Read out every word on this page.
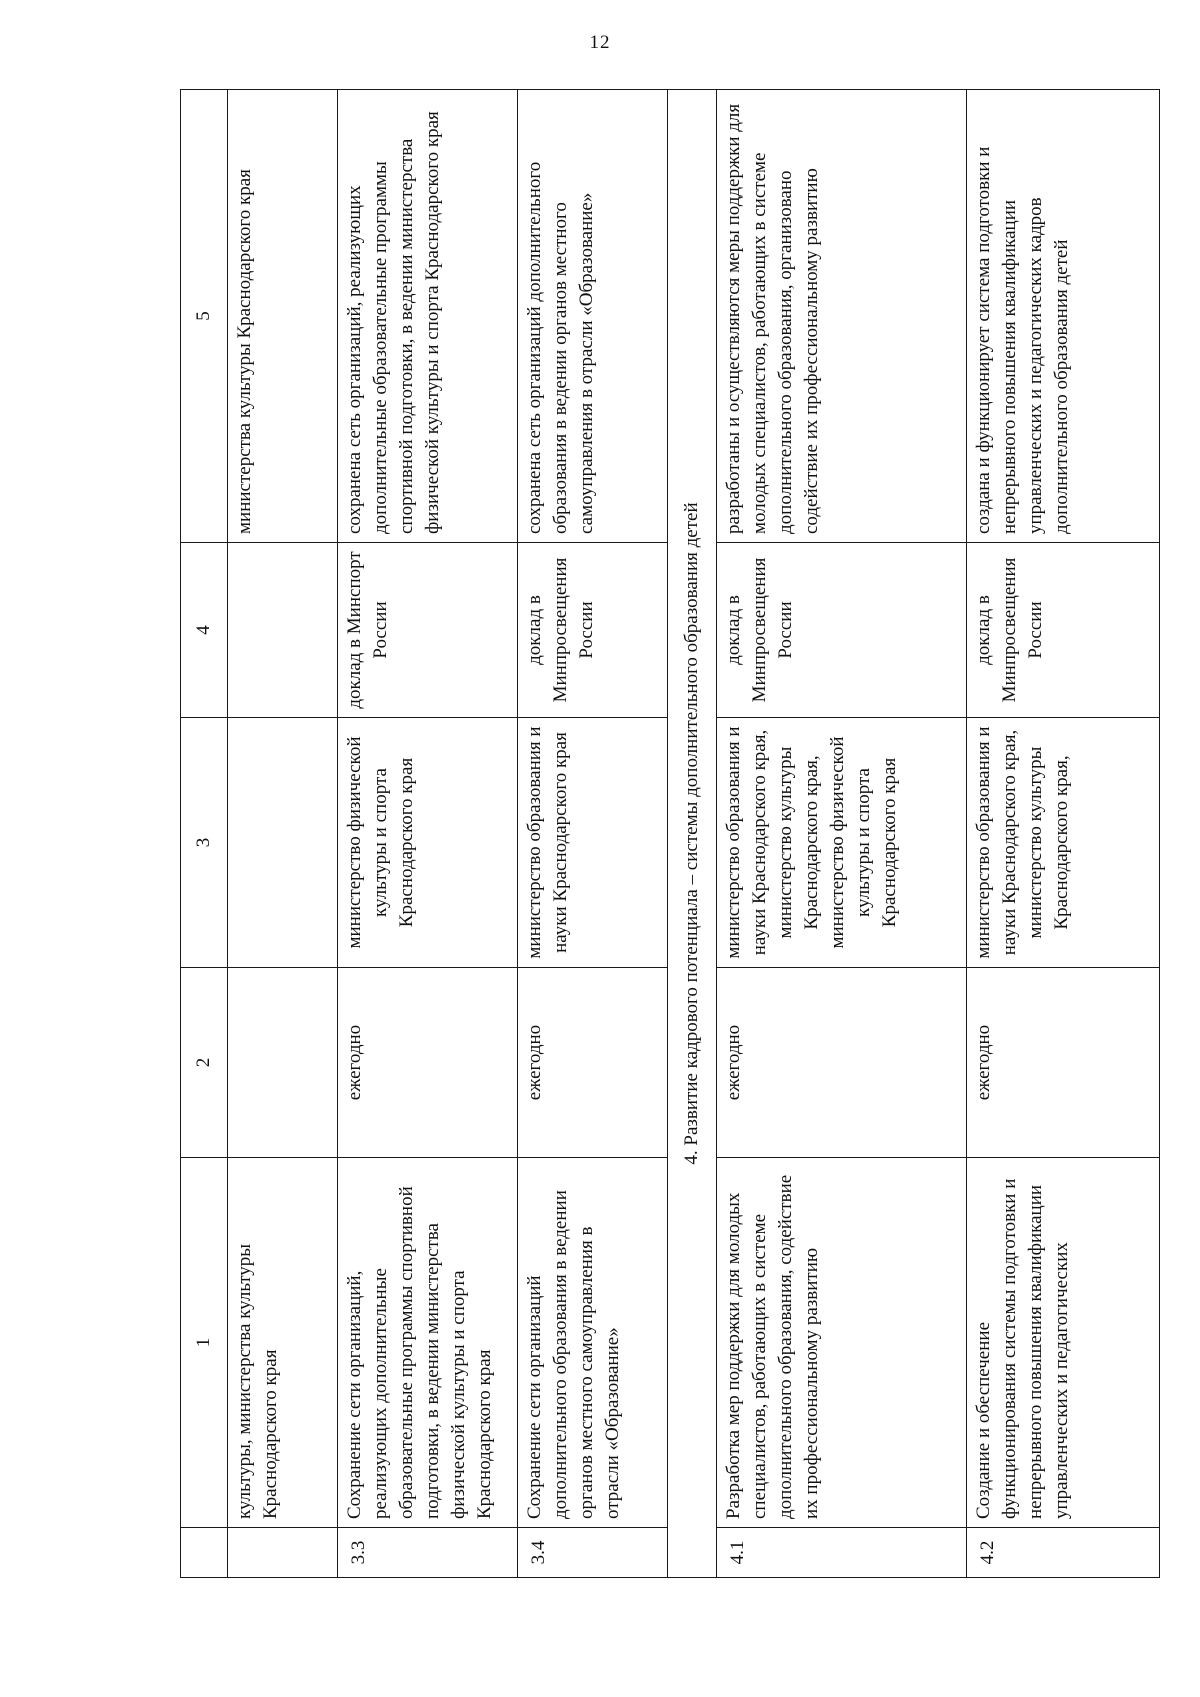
12
	1	2	3	4	5
	культуры, министерства культуры Краснодарского края				министерства культуры Краснодарского края
3.3	Сохранение сети организаций, реализующих дополнительные образовательные программы спортивной подготовки, в ведении министерства физической культуры и спорта Краснодарского края	ежегодно	министерство физической культуры и спорта Краснодарского края	доклад в Минспорт России	сохранена сеть организаций, реализующих дополнительные образовательные программы спортивной подготовки, в ведении министерства физической культуры и спорта Краснодарского края
3.4	Сохранение сети организаций дополнительного образования в ведении органов местного самоуправления в отрасли «Образование»	ежегодно	министерство образования и науки Краснодарского края	доклад в Минпросвещения России	сохранена сеть организаций дополнительного образования в ведении органов местного самоуправления в отрасли «Образование»
4. Развитие кадрового потенциала – системы дополнительного образования детей					
4.1	Разработка мер поддержки для молодых специалистов, работающих в системе дополнительного образования, содействие их профессиональному развитию	ежегодно	министерство образования и науки Краснодарского края, министерство культуры Краснодарского края, министерство физической культуры и спорта Краснодарского края	доклад в Минпросвещения России	разработаны и осуществляются меры поддержки для молодых специалистов, работающих в системе дополнительного образования, организовано содействие их профессиональному развитию
4.2	Создание и обеспечение функционирования системы подготовки и непрерывного повышения квалификации управленческих и педагогических	ежегодно	министерство образования и науки Краснодарского края, министерство культуры Краснодарского края,	доклад в Минпросвещения России	создана и функционирует система подготовки и непрерывного повышения квалификации управленческих и педагогических кадров дополнительного образования детей
